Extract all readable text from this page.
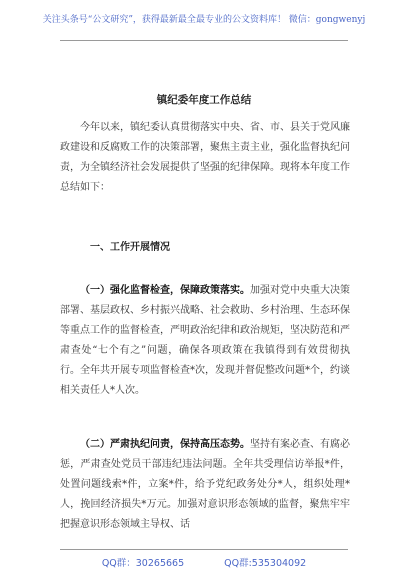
关注头条号“公文研究”，获得最新最全最专业的公文资料库！ 微信：gongwenyj
镇纪委年度工作总结

今年以来，镇纪委认真贯彻落实中央、省、市、县关于党风廉政建设和反腐败工作的决策部署，聚焦主责主业，强化监督执纪问责，为全镇经济社会发展提供了坚强的纪律保障。现将本年度工作总结如下：

一、工作开展情况

（一）强化监督检查，保障政策落实。加强对党中央重大决策部署、基层政权、乡村振兴战略、社会救助、乡村治理、生态环保等重点工作的监督检查，严明政治纪律和政治规矩，坚决防范和严肃查处“七个有之”问题，确保各项政策在我镇得到有效贯彻执行。全年共开展专项监督检查*次，发现并督促整改问题*个，约谈相关责任人*人次。

（二）严肃执纪问责，保持高压态势。坚持有案必查、有腐必惩，严肃查处党员干部违纪违法问题。全年共受理信访举报*件，处置问题线索*件，立案*件，给予党纪政务处分*人，组织处理*人，挽回经济损失*万元。加强对意识形态领域的监督，聚焦牢牢把握意识形态领域主导权、话

QQ群：30265665	QQ群:535304092
